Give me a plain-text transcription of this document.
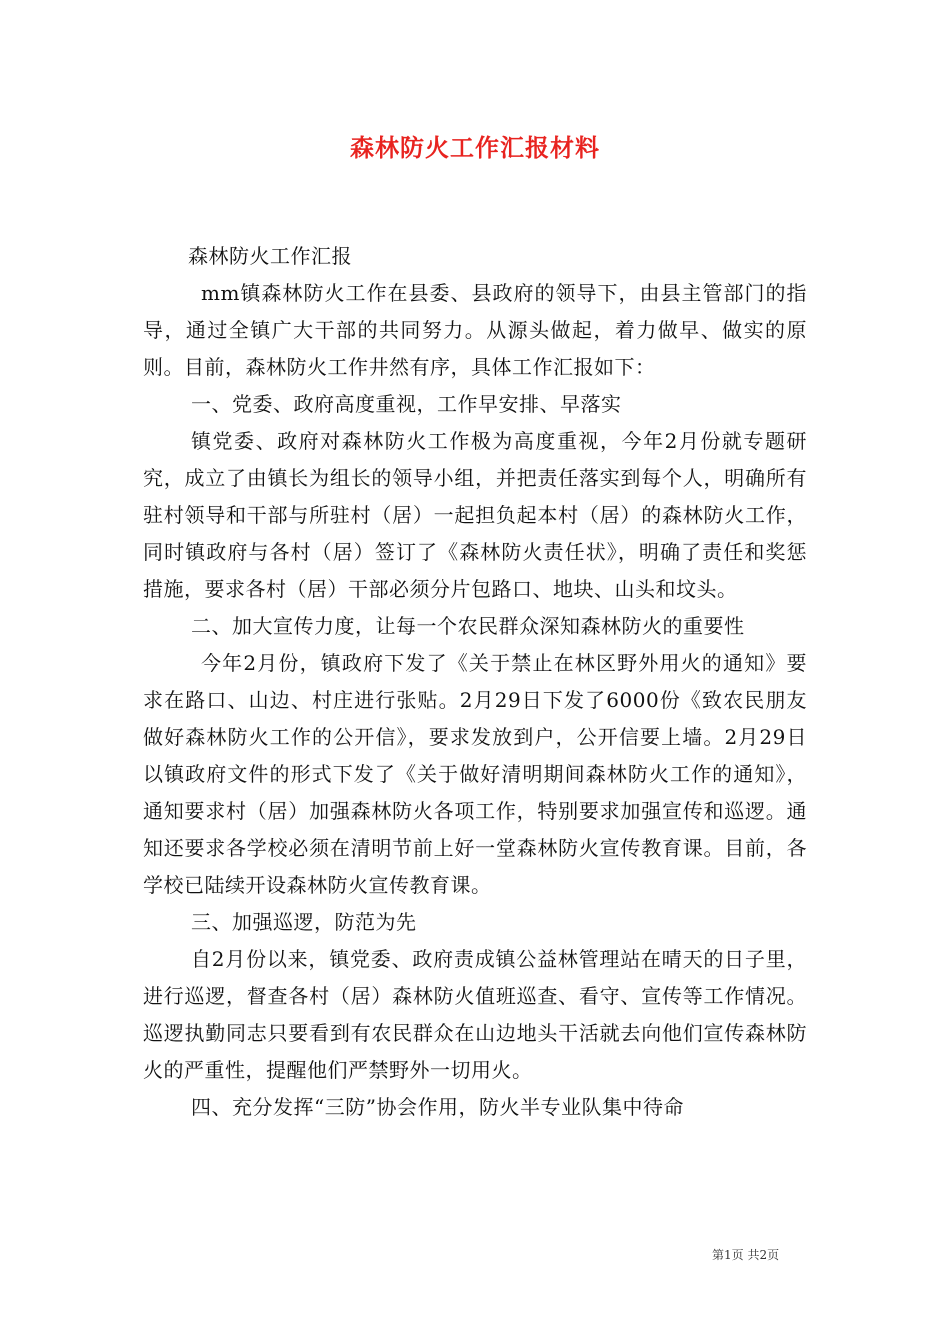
森林防火工作汇报材料

森林防火工作汇报

mm镇森林防火工作在县委、县政府的领导下，由县主管部门的指导，通过全镇广大干部的共同努力。从源头做起，着力做早、做实的原则。目前，森林防火工作井然有序，具体工作汇报如下：

一、党委、政府高度重视，工作早安排、早落实

镇党委、政府对森林防火工作极为高度重视，今年2月份就专题研究，成立了由镇长为组长的领导小组，并把责任落实到每个人，明确所有驻村领导和干部与所驻村（居）一起担负起本村（居）的森林防火工作，同时镇政府与各村（居）签订了《森林防火责任状》，明确了责任和奖惩措施，要求各村（居）干部必须分片包路口、地块、山头和坟头。

二、加大宣传力度，让每一个农民群众深知森林防火的重要性

今年2月份，镇政府下发了《关于禁止在林区野外用火的通知》要求在路口、山边、村庄进行张贴。2月29日下发了6000份《致农民朋友做好森林防火工作的公开信》，要求发放到户，公开信要上墙。2月29日以镇政府文件的形式下发了《关于做好清明期间森林防火工作的通知》，通知要求村（居）加强森林防火各项工作，特别要求加强宣传和巡逻。通知还要求各学校必须在清明节前上好一堂森林防火宣传教育课。目前，各学校已陆续开设森林防火宣传教育课。

三、加强巡逻，防范为先

自2月份以来，镇党委、政府责成镇公益林管理站在晴天的日子里，进行巡逻，督查各村（居）森林防火值班巡查、看守、宣传等工作情况。巡逻执勤同志只要看到有农民群众在山边地头干活就去向他们宣传森林防火的严重性，提醒他们严禁野外一切用火。

四、充分发挥“三防”协会作用，防火半专业队集中待命

第1页 共2页
